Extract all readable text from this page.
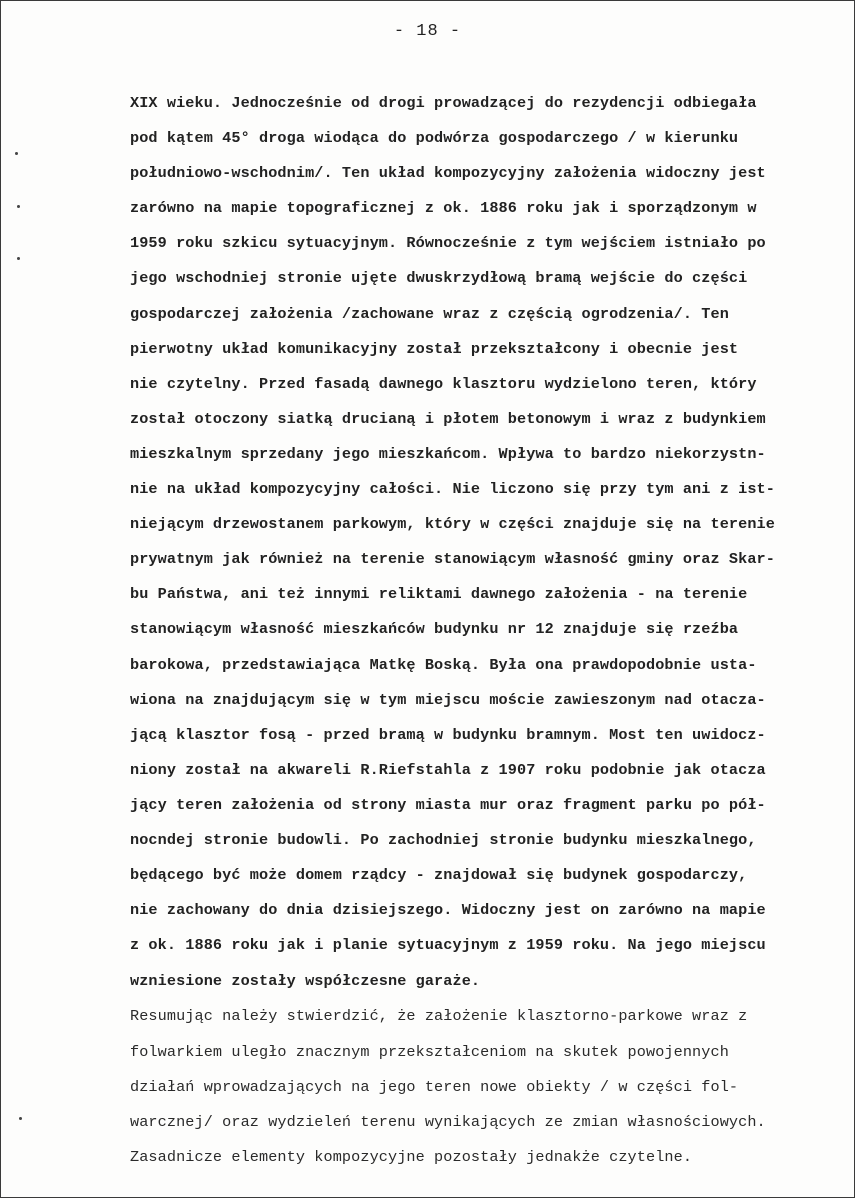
- 18 -
XIX wieku. Jednocześnie od drogi prowadzącej do rezydencji odbiegała
pod kątem 45° droga wiodąca do podwórza gospodarczego / w kierunku
południowo-wschodnim/. Ten układ kompozycyjny założenia widoczny jest
zarówno na mapie topograficznej z ok. 1886 roku jak i sporządzonym w
1959 roku szkicu sytuacyjnym. Równocześnie z tym wejściem istniało po
jego wschodniej stronie ujęte dwuskrzydłową bramą wejście do części
gospodarczej założenia /zachowane wraz z częścią ogrodzenia/. Ten
pierwotny układ komunikacyjny został przekształcony i obecnie jest
nie czytelny. Przed fasadą dawnego klasztoru wydzielono teren, który
został otoczony siatką drucianą i płotem betonowym i wraz z budynkiem
mieszkalnym sprzedany jego mieszkańcom. Wpływa to bardzo niekorzystn-
nie na układ kompozycyjny całości. Nie liczono się przy tym ani z ist-
niejącym drzewostanem parkowym, który w części znajduje się na terenie
prywatnym jak również na terenie stanowiącym własność gminy oraz Skar-
bu Państwa, ani też innymi reliktami dawnego założenia - na terenie
stanowiącym własność mieszkańców budynku nr 12 znajduje się rzeźba
barokowa, przedstawiająca Matkę Boską. Była ona prawdopodobnie usta-
wiona na znajdującym się w tym miejscu moście zawieszonym nad otacza-
jącą klasztor fosą - przed bramą w budynku bramnym. Most ten uwidocz-
niony został na akwareli R.Riefstahla z 1907 roku podobnie jak otacza
jący teren założenia od strony miasta mur oraz fragment parku po pół-
nocndej stronie budowli. Po zachodniej stronie budynku mieszkalnego,
będącego być może domem rządcy - znajdował się budynek gospodarczy,
nie zachowany do dnia dzisiejszego. Widoczny jest on zarówno na mapie
z ok. 1886 roku jak i planie sytuacyjnym z 1959 roku. Na jego miejscu
wzniesione zostały współczesne garaże.
Resumując należy stwierdzić, że założenie klasztorno-parkowe wraz z
folwarkiem uległo znacznym przekształceniom na skutek powojennych
działań wprowadzających na jego teren nowe obiekty / w części fol-
warcznej/ oraz wydzieleń terenu wynikających ze zmian własnościowych.
Zasadnicze elementy kompozycyjne pozostały jednakże czytelne.
